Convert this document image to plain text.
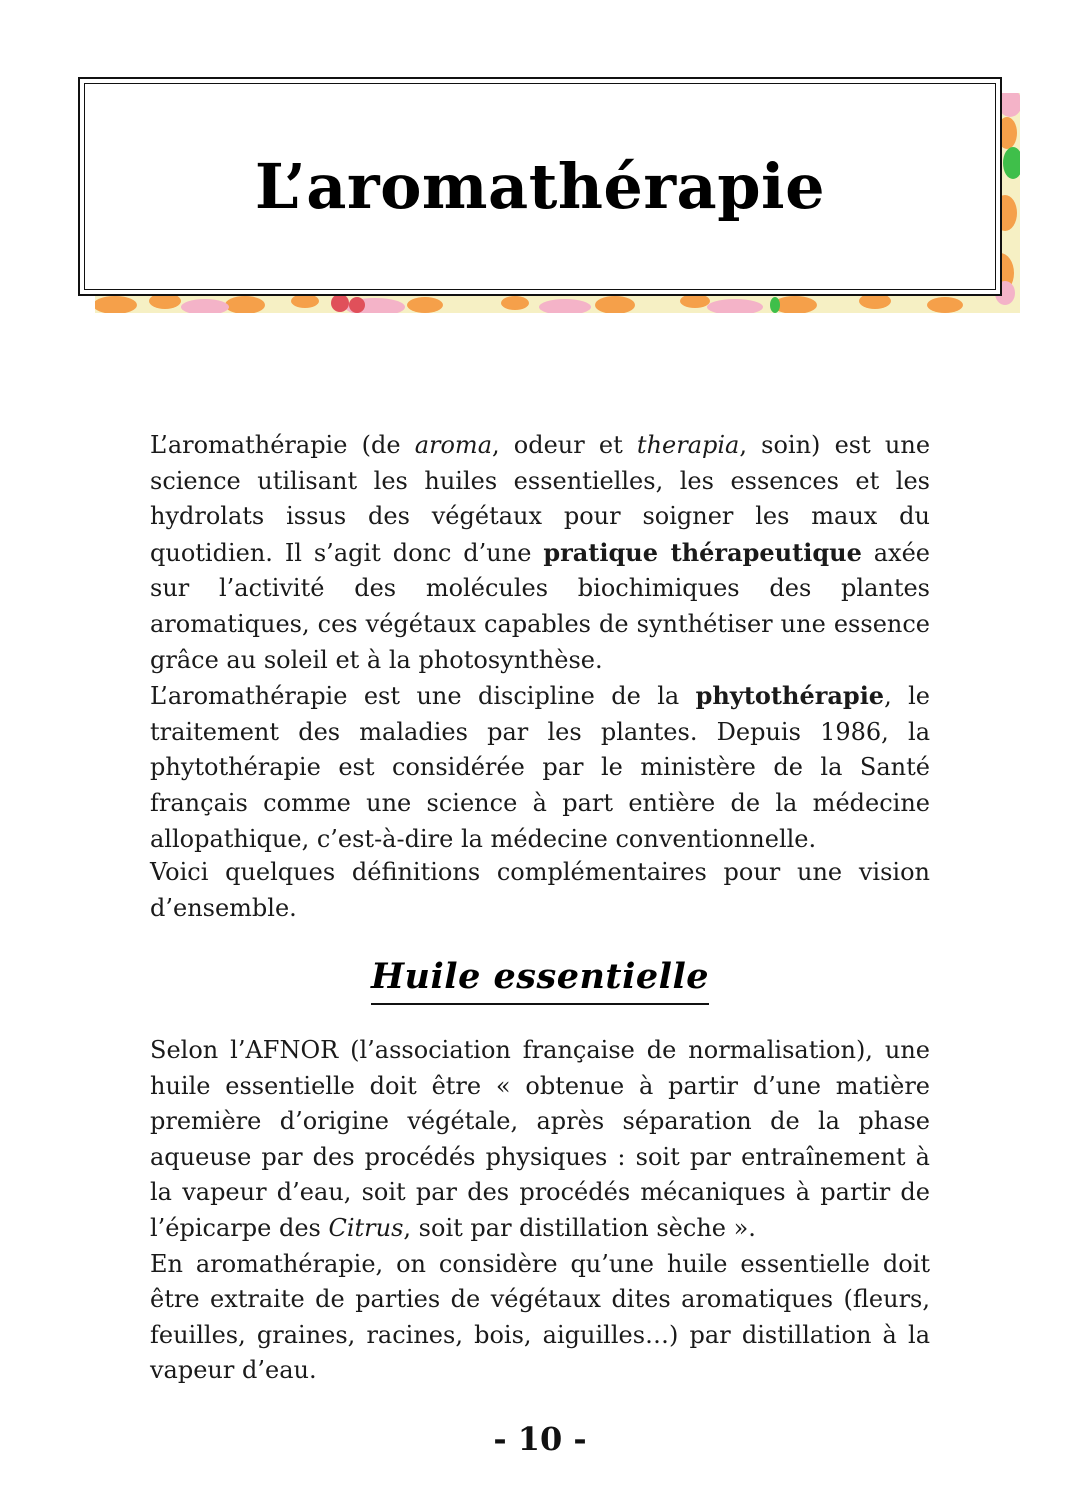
L’aromathérapie

L’aromathérapie (de aroma, odeur et therapia, soin) est une science utilisant les huiles essentielles, les essences et les hydrolats issus des végétaux pour soigner les maux du quotidien. Il s’agit donc d’une pratique thérapeutique axée sur l’activité des molécules biochimiques des plantes aromatiques, ces végétaux capables de synthétiser une essence grâce au soleil et à la photosynthèse.

L’aromathérapie est une discipline de la phytothérapie, le traitement des maladies par les plantes. Depuis 1986, la phytothérapie est considérée par le ministère de la Santé français comme une science à part entière de la médecine allopathique, c’est-à-dire la médecine conventionnelle.

Voici quelques définitions complémentaires pour une vision d’ensemble.

Huile essentielle

Selon l’AFNOR (l’association française de normalisation), une huile essentielle doit être « obtenue à partir d’une matière première d’origine végétale, après séparation de la phase aqueuse par des procédés physiques : soit par entraînement à la vapeur d’eau, soit par des procédés mécaniques à partir de l’épicarpe des Citrus, soit par distillation sèche ».

En aromathérapie, on considère qu’une huile essentielle doit être extraite de parties de végétaux dites aromatiques (fleurs, feuilles, graines, racines, bois, aiguilles…) par distillation à la vapeur d’eau.

- 10 -
